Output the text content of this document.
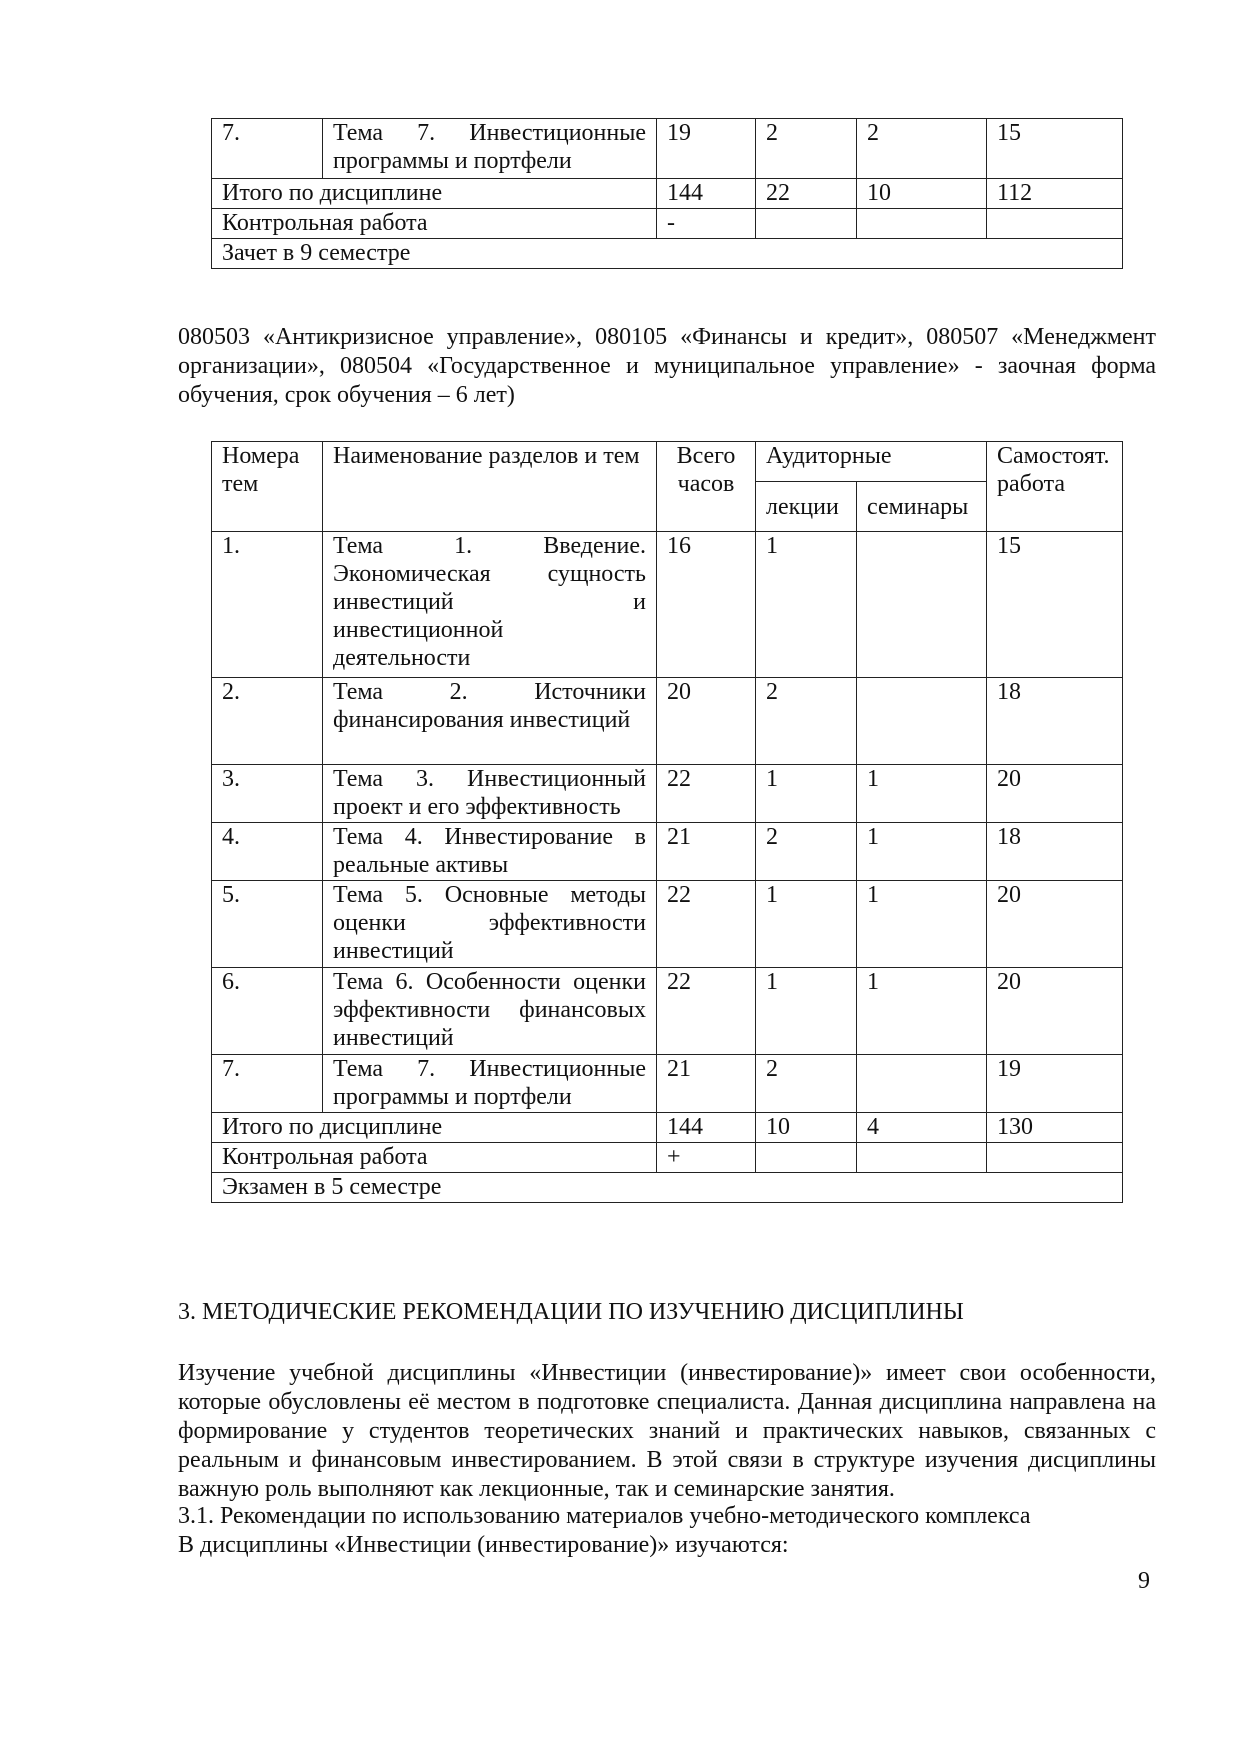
7.	Тема 7. Инвестиционные программы и портфели	19	2	2	15
Итого по дисциплине		144	22	10	112
Контрольная работа		-			
Зачет в 9 семестре					
080503 «Антикризисное управление», 080105 «Финансы и кредит», 080507 «Менеджмент организации», 080504 «Государственное и муниципальное управление» - заочная форма обучения, срок обучения – 6 лет)
Номера тем	Наименование разделов и тем	Всего часов	Аудиторные		Самостоят. работа
			лекции	семинары	
1.	Тема 1. Введение. Экономическая сущность инвестиций и инвестиционной деятельности	16	1		15
2.	Тема 2. Источники финансирования инвестиций	20	2		18
3.	Тема 3. Инвестиционный проект и его эффективность	22	1	1	20
4.	Тема 4. Инвестирование в реальные активы	21	2	1	18
5.	Тема 5. Основные методы оценки эффективности инвестиций	22	1	1	20
6.	Тема 6. Особенности оценки эффективности финансовых инвестиций	22	1	1	20
7.	Тема 7. Инвестиционные программы и портфели	21	2		19
Итого по дисциплине		144	10	4	130
Контрольная работа		+			
Экзамен в 5 семестре					
3. МЕТОДИЧЕСКИЕ РЕКОМЕНДАЦИИ ПО ИЗУЧЕНИЮ ДИСЦИПЛИНЫ
Изучение учебной дисциплины «Инвестиции (инвестирование)» имеет свои особенности, которые обусловлены её местом в подготовке специалиста. Данная дисциплина направлена на формирование у студентов теоретических знаний и практических навыков, связанных с реальным и финансовым инвестированием. В этой связи в структуре изучения дисциплины важную роль выполняют как лекционные, так и семинарские занятия.
3.1. Рекомендации по использованию материалов учебно-методического комплекса
В дисциплины «Инвестиции (инвестирование)» изучаются:
9
